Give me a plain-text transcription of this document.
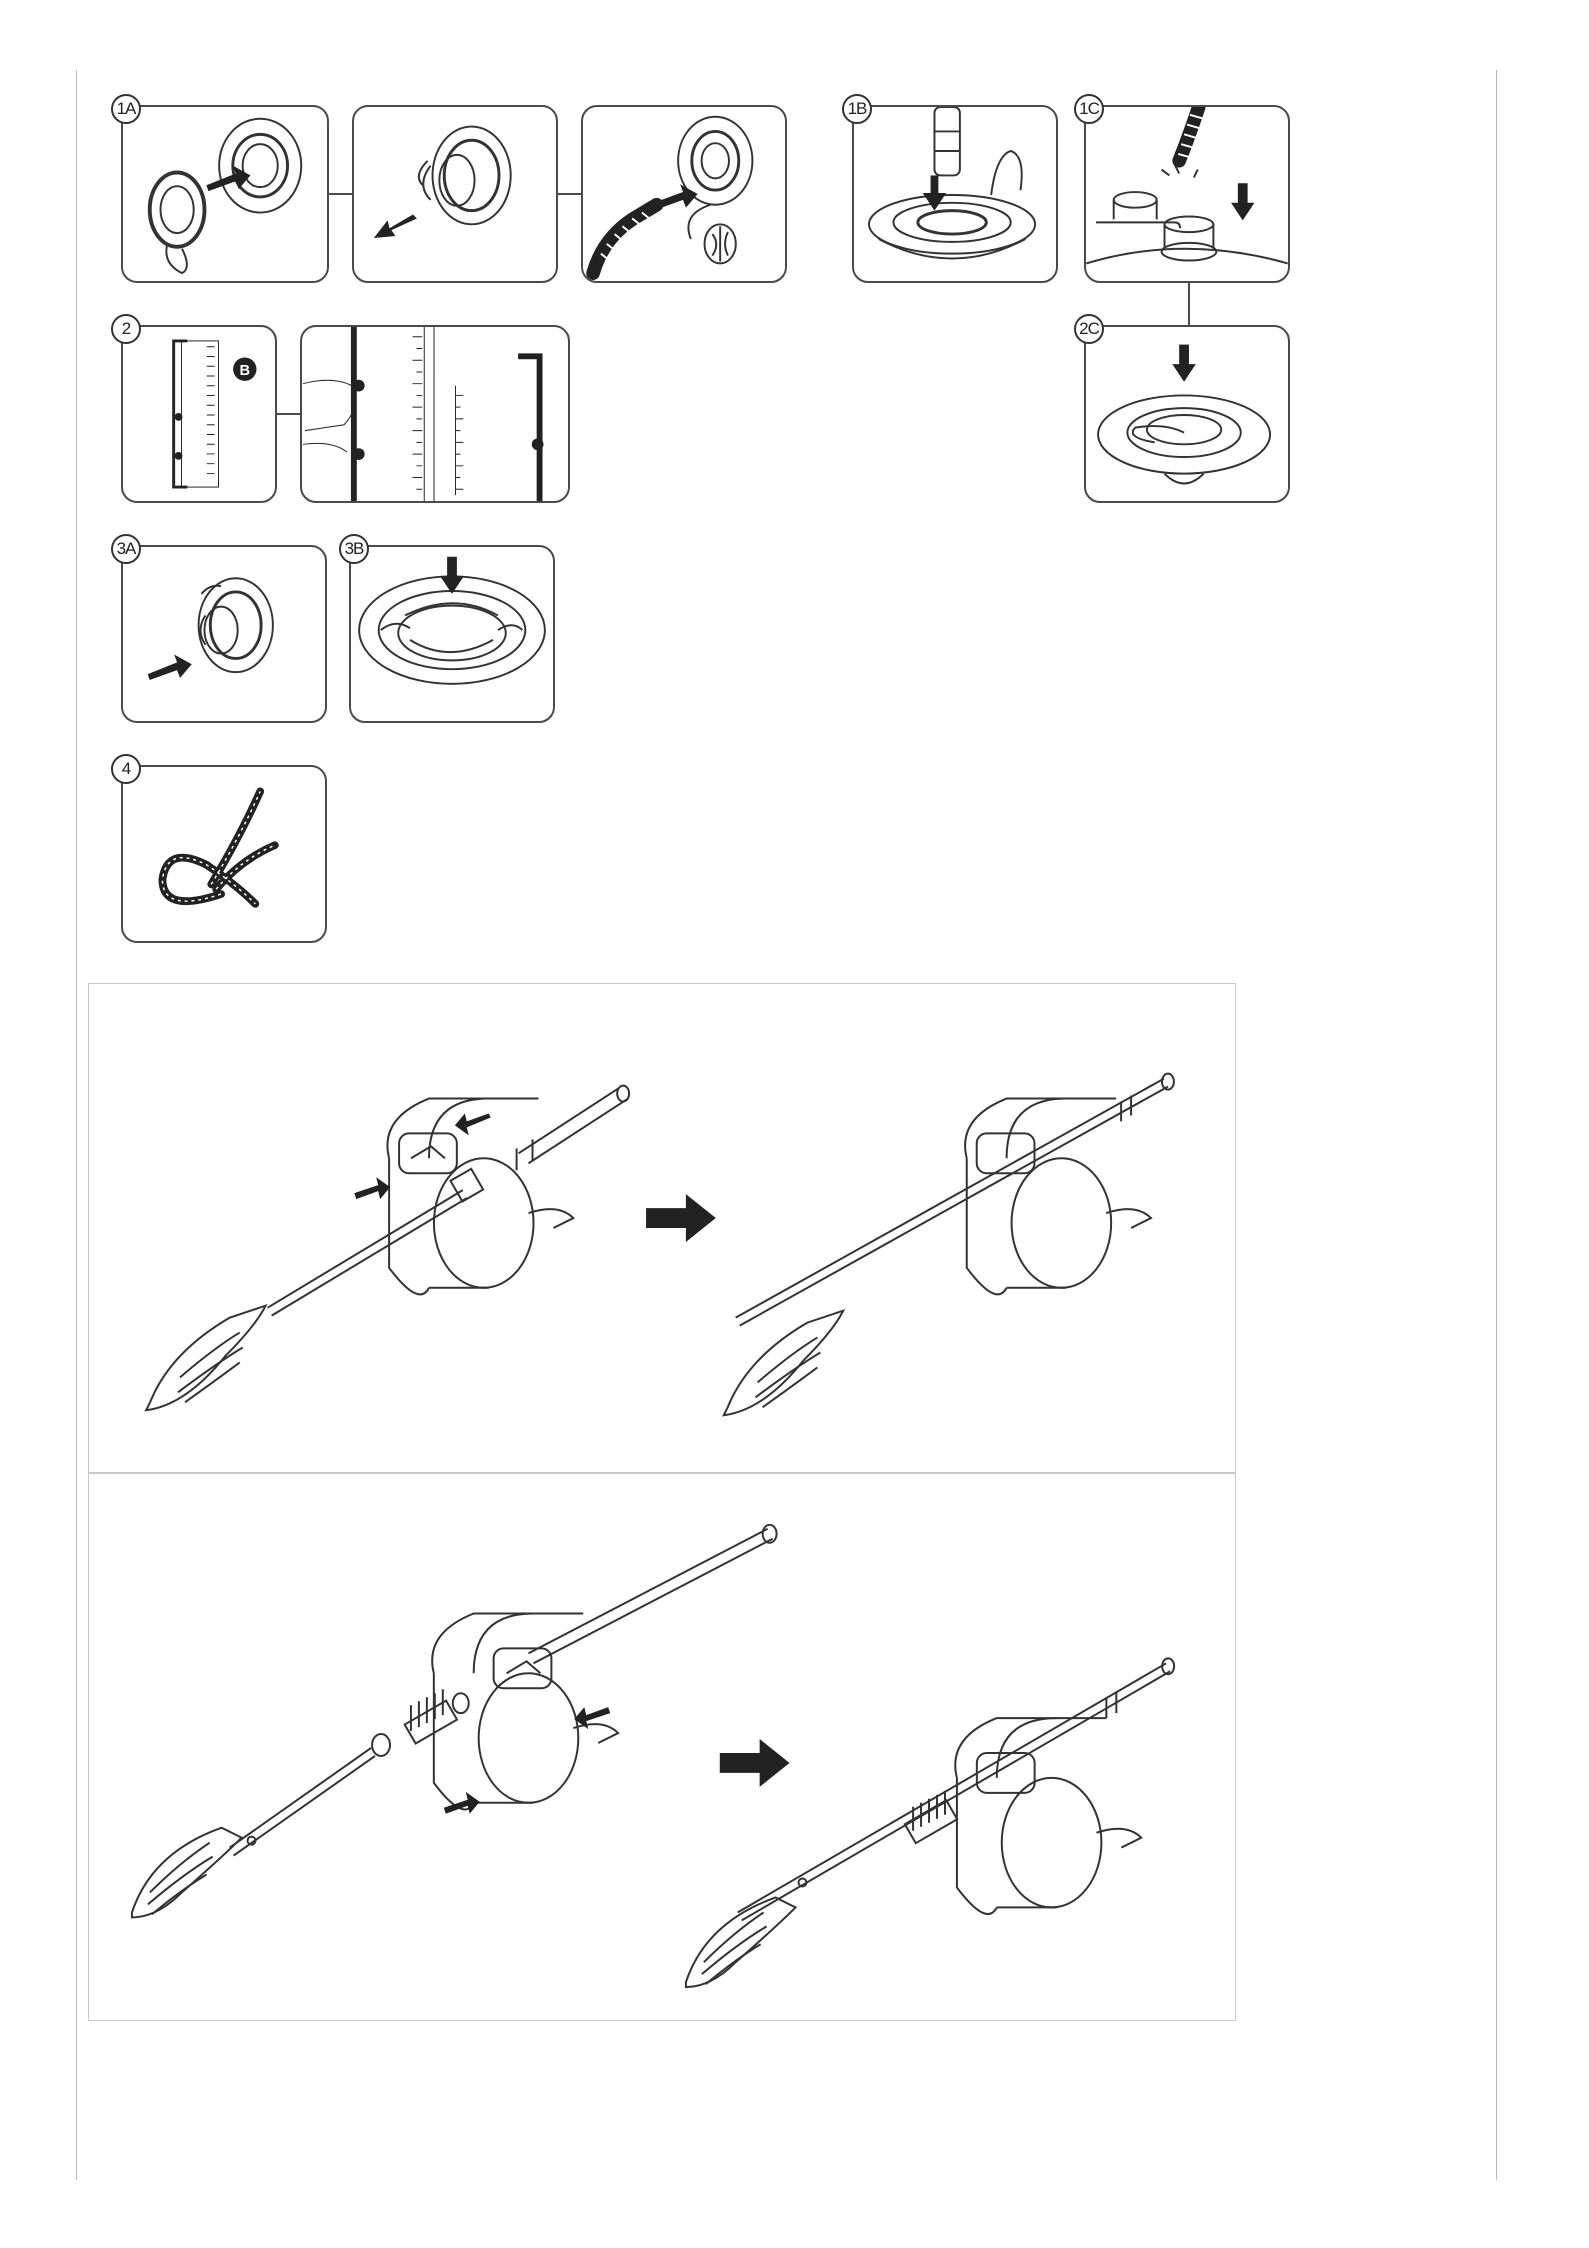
1A	1B	1C
2
B
2C
3A	3B
4
